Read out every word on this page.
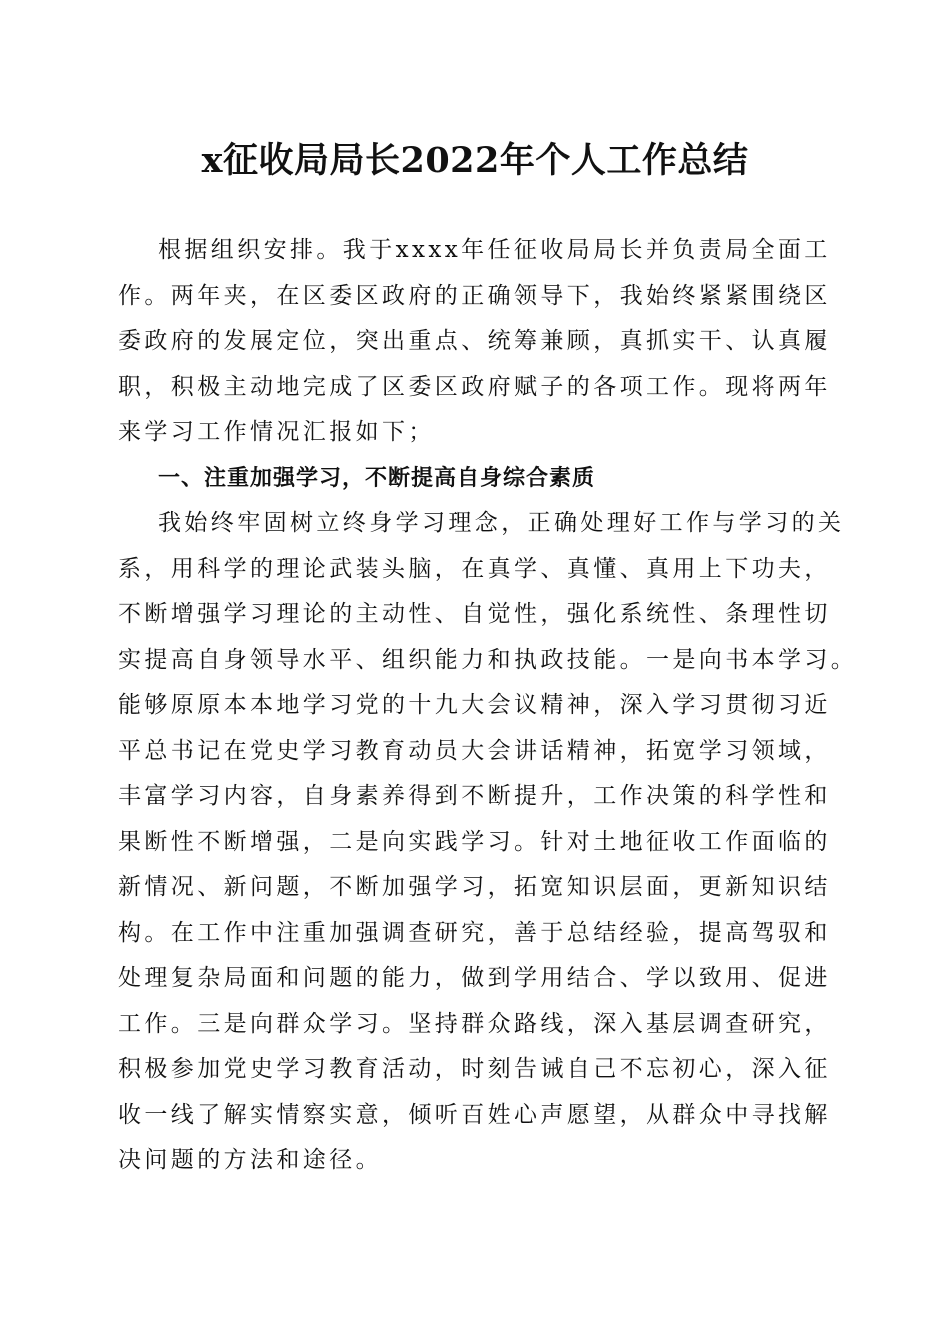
x征收局局长2022年个人工作总结
根据组织安排。我于xxxx年任征收局局长并负责局全面工
作。两年夹，在区委区政府的正确领导下，我始终紧紧围绕区
委政府的发展定位，突出重点、统筹兼顾，真抓实干、认真履
职，积极主动地完成了区委区政府赋子的各项工作。现将两年
来学习工作情况汇报如下；
一、注重加强学习，不断提高自身综合素质
我始终牢固树立终身学习理念，正确处理好工作与学习的关
系，用科学的理论武装头脑，在真学、真懂、真用上下功夫，
不断增强学习理论的主动性、自觉性，强化系统性、条理性切
实提高自身领导水平、组织能力和执政技能。一是向书本学习。
能够原原本本地学习党的十九大会议精神，深入学习贯彻习近
平总书记在党史学习教育动员大会讲话精神，拓宽学习领域，
丰富学习内容，自身素养得到不断提升，工作决策的科学性和
果断性不断增强，二是向实践学习。针对土地征收工作面临的
新情况、新问题，不断加强学习，拓宽知识层面，更新知识结
构。在工作中注重加强调查研究，善于总结经验，提高驾驭和
处理复杂局面和问题的能力，做到学用结合、学以致用、促进
工作。三是向群众学习。坚持群众路线，深入基层调查研究，
积极参加党史学习教育活动，时刻告诫自己不忘初心，深入征
收一线了解实情察实意，倾听百姓心声愿望，从群众中寻找解
决问题的方法和途径。
